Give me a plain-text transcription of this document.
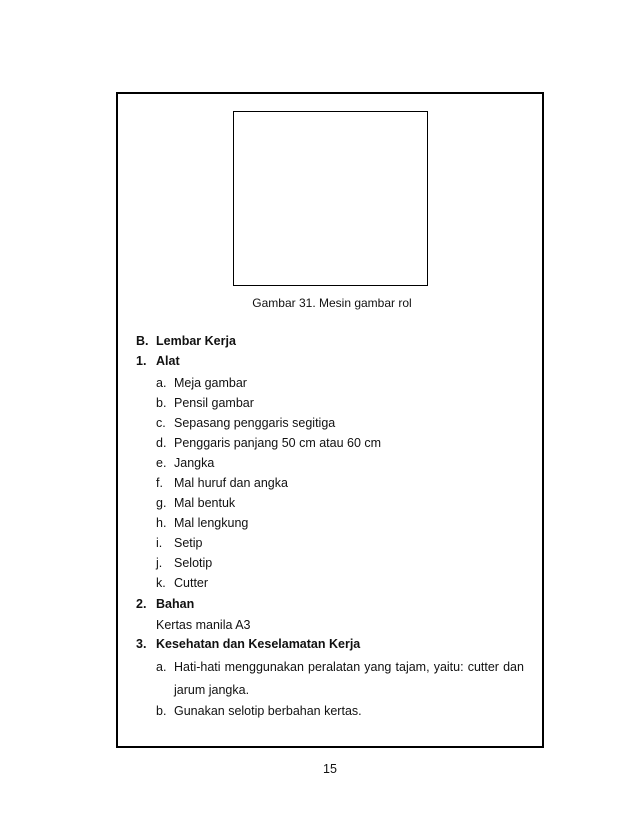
Gambar 31. Mesin gambar rol
B. Lembar Kerja
1. Alat
a. Meja gambar
b. Pensil gambar
c. Sepasang penggaris segitiga
d. Penggaris panjang 50 cm atau 60 cm
e. Jangka
f. Mal huruf dan angka
g. Mal bentuk
h. Mal lengkung
i. Setip
j. Selotip
k. Cutter
2. Bahan
Kertas manila A3
3. Kesehatan dan Keselamatan Kerja
a. Hati-hati menggunakan peralatan yang tajam, yaitu: cutter dan
jarum jangka.
b. Gunakan selotip berbahan kertas.
15
